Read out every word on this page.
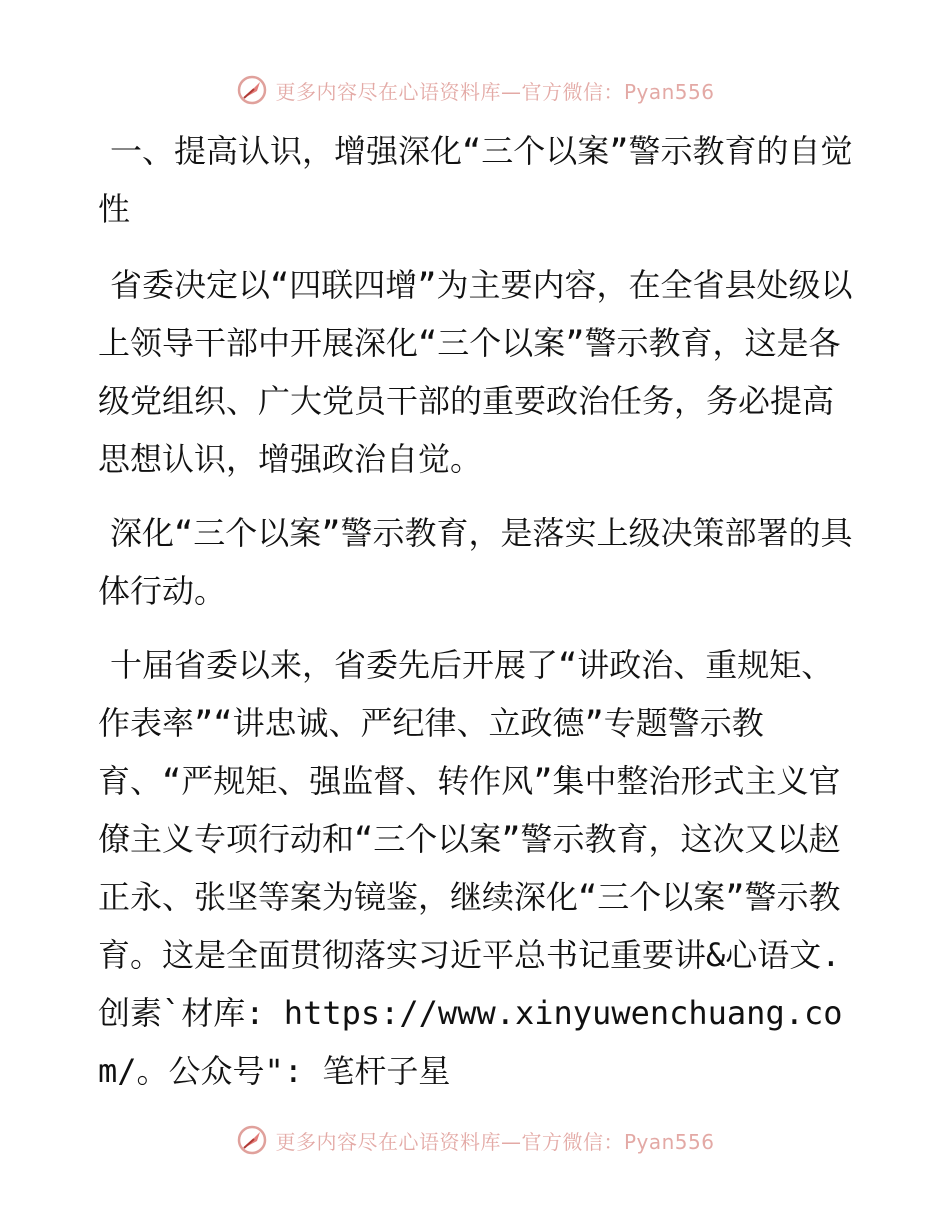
更多内容尽在心语资料库—官方微信：Pyan556

一、提高认识，增强深化“三个以案”警示教育的自觉性

省委决定以“四联四增”为主要内容，在全省县处级以上领导干部中开展深化“三个以案”警示教育，这是各级党组织、广大党员干部的重要政治任务，务必提高思想认识，增强政治自觉。

深化“三个以案”警示教育，是落实上级决策部署的具体行动。

十届省委以来，省委先后开展了“讲政治、重规矩、作表率”“讲忠诚、严纪律、立政德”专题警示教育、“严规矩、强监督、转作风”集中整治形式主义官僚主义专项行动和“三个以案”警示教育，这次又以赵正永、张坚等案为镜鉴，继续深化“三个以案”警示教育。这是全面贯彻落实习近平总书记重要讲&心语文.创素`材库: https://www.xinyuwenchuang.com/。公众号": 笔杆子星

更多内容尽在心语资料库—官方微信：Pyan556
